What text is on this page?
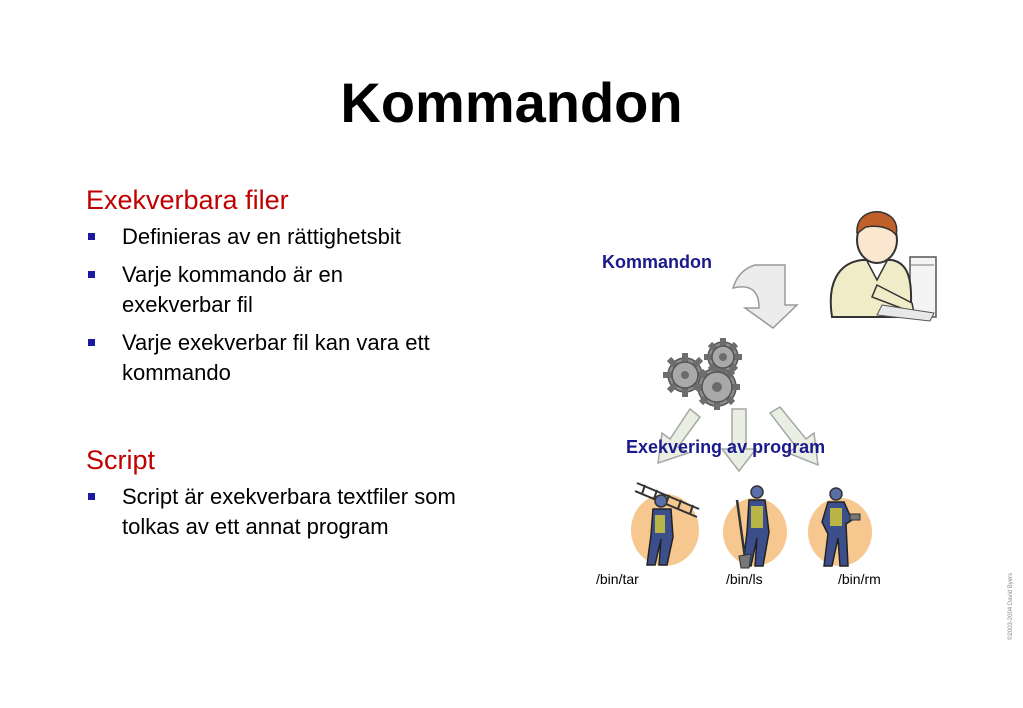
Kommandon
Exekverbara filer
Definieras av en rättighetsbit
Varje kommando är en exekverbar fil
Varje exekverbar fil kan vara ett kommando
Script
Script är exekverbara textfiler som tolkas av ett annat program
Kommandon
Exekvering av program
/bin/tar	/bin/ls	/bin/rm	©2003-2004 David Byers
